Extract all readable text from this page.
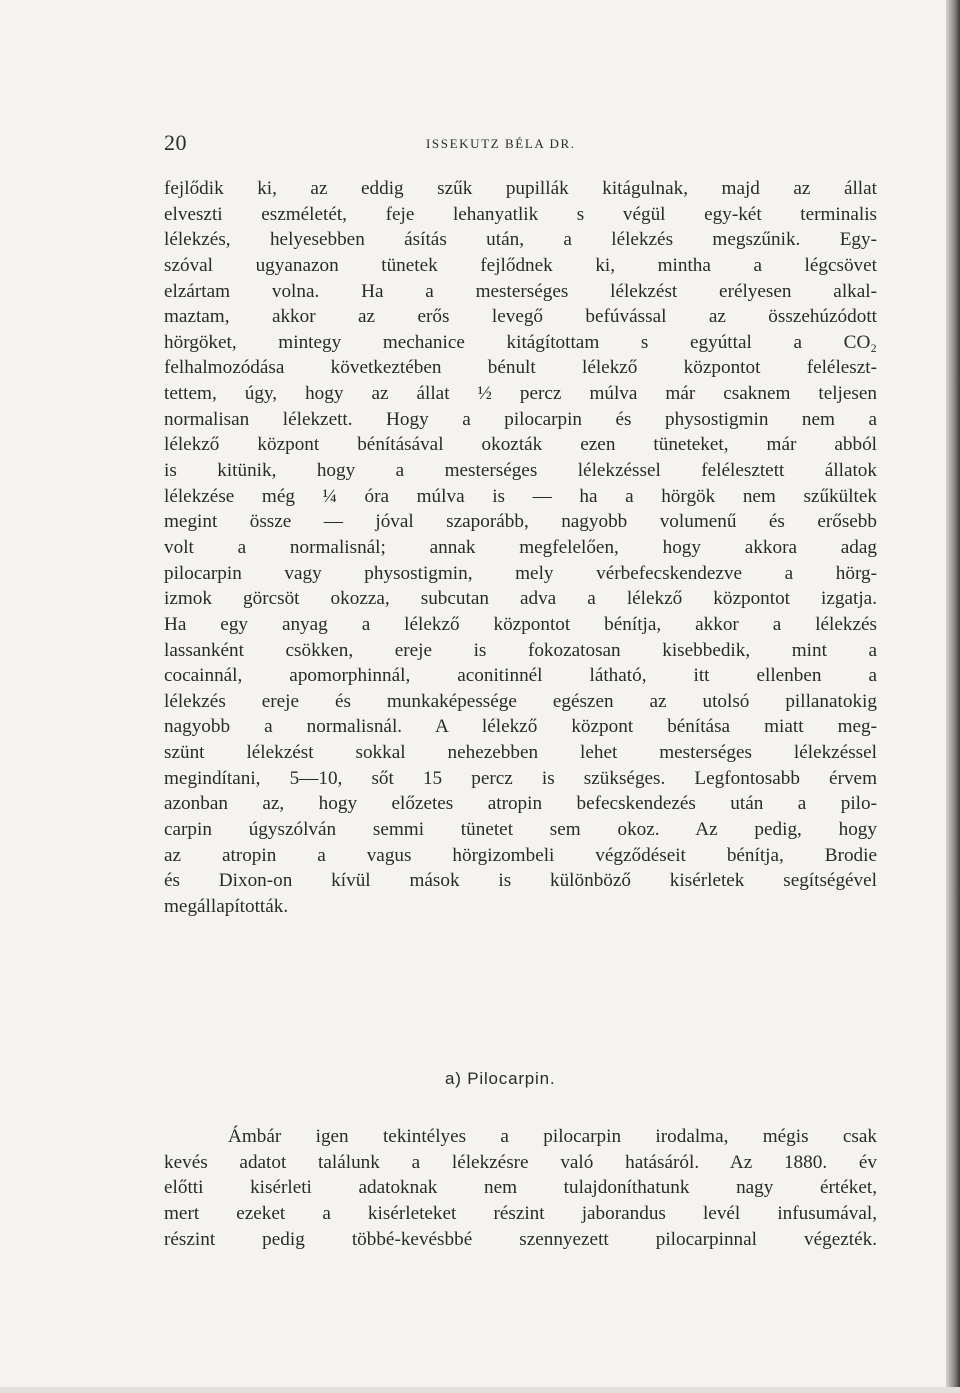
20	ISSEKUTZ BÉLA DR.
fejlődik ki, az eddig szűk pupillák kitágulnak, majd az állat
elveszti eszméletét, feje lehanyatlik s végül egy-két terminalis
lélekzés, helyesebben ásítás után, a lélekzés megszűnik. Egy-
szóval ugyanazon tünetek fejlődnek ki, mintha a légcsövet
elzártam volna. Ha a mesterséges lélekzést erélyesen alkal-
maztam, akkor az erős levegő befúvással az összehúzódott
hörgöket, mintegy mechanice kitágítottam s egyúttal a CO₂
felhalmozódása következtében bénult lélekző központot feléleszt-
tettem, úgy, hogy az állat ½ percz múlva már csaknem teljesen
normalisan lélekzett. Hogy a pilocarpin és physostigmin nem a
lélekző központ bénításával okozták ezen tüneteket, már abból
is kitünik, hogy a mesterséges lélekzéssel felélesztett állatok
lélekzése még ¼ óra múlva is — ha a hörgök nem szűkültek
megint össze — jóval szaporább, nagyobb volumenű és erősebb
volt a normalisnál; annak megfelelően, hogy akkora adag
pilocarpin vagy physostigmin, mely vérbefecskendezve a hörg-
izmok görcsöt okozza, subcutan adva a lélekző központot izgatja.
Ha egy anyag a lélekző központot bénítja, akkor a lélekzés
lassanként csökken, ereje is fokozatosan kisebbedik, mint a
cocainnál, apomorphinnál, aconitinnél látható, itt ellenben a
lélekzés ereje és munkaképessége egészen az utolsó pillanatokig
nagyobb a normalisnál. A lélekző központ bénítása miatt meg-
szünt lélekzést sokkal nehezebben lehet mesterséges lélekzéssel
megindítani, 5—10, sőt 15 percz is szükséges. Legfontosabb érvem
azonban az, hogy előzetes atropin befecskendezés után a pilo-
carpin úgyszólván semmi tünetet sem okoz. Az pedig, hogy
az atropin a vagus hörgizombeli végződéseit bénítja, Brodie
és Dixon-on kívül mások is különböző kisérletek segítségével
megállapították.
a) Pilocarpin.
Ámbár igen tekintélyes a pilocarpin irodalma, mégis csak
kevés adatot találunk a lélekzésre való hatásáról. Az 1880. év
előtti kisérleti adatoknak nem tulajdoníthatunk nagy értéket,
mert ezeket a kisérleteket részint jaborandus levél infusumával,
részint pedig többé-kevésbbé szennyezett pilocarpinnal végezték.
